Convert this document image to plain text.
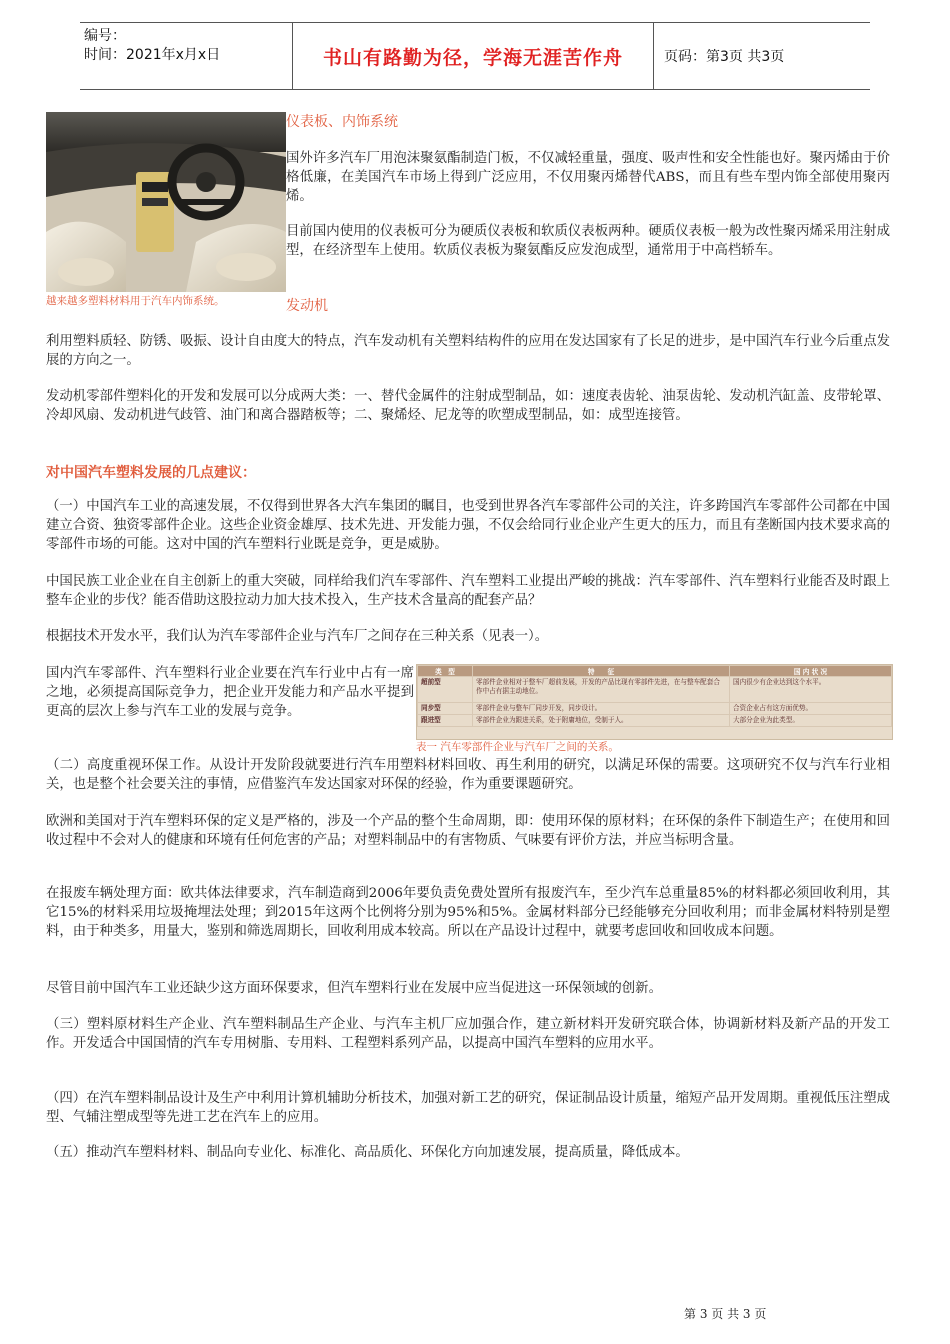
编号：
时间：2021年x月x日	书山有路勤为径，学海无涯苦作舟	页码：第3页 共3页
越来越多塑料材料用于汽车内饰系统。
仪表板、内饰系统

国外许多汽车厂用泡沫聚氨酯制造门板，不仅减轻重量，强度、吸声性和安全性能也好。聚丙烯由于价格低廉，在美国汽车市场上得到广泛应用，不仅用聚丙烯替代ABS，而且有些车型内饰全部使用聚丙烯。

目前国内使用的仪表板可分为硬质仪表板和软质仪表板两种。硬质仪表板一般为改性聚丙烯采用注射成型，在经济型车上使用。软质仪表板为聚氨酯反应发泡成型，通常用于中高档轿车。

发动机

利用塑料质轻、防锈、吸振、设计自由度大的特点，汽车发动机有关塑料结构件的应用在发达国家有了长足的进步，是中国汽车行业今后重点发展的方向之一。

发动机零部件塑料化的开发和发展可以分成两大类：一、替代金属件的注射成型制品，如：速度表齿轮、油泵齿轮、发动机汽缸盖、皮带轮罩、冷却风扇、发动机进气歧管、油门和离合器踏板等；二、聚烯烃、尼龙等的吹塑成型制品，如：成型连接管。

对中国汽车塑料发展的几点建议：

（一）中国汽车工业的高速发展，不仅得到世界各大汽车集团的瞩目，也受到世界各汽车零部件公司的关注，许多跨国汽车零部件公司都在中国建立合资、独资零部件企业。这些企业资金雄厚、技术先进、开发能力强，不仅会给同行业企业产生更大的压力，而且有垄断国内技术要求高的零部件市场的可能。这对中国的汽车塑料行业既是竞争，更是威胁。

中国民族工业企业在自主创新上的重大突破，同样给我们汽车零部件、汽车塑料工业提出严峻的挑战：汽车零部件、汽车塑料行业能否及时跟上整车企业的步伐？能否借助这股拉动力加大技术投入，生产技术含量高的配套产品？

根据技术开发水平，我们认为汽车零部件企业与汽车厂之间存在三种关系（见表一）。

国内汽车零部件、汽车塑料行业企业要在汽车行业中占有一席之地，必须提高国际竞争力，把企业开发能力和产品水平提到更高的层次上参与汽车工业的发展与竞争。

类　型	特　　征	国 内 状 况
超前型	零部件企业相对于整车厂超前发展，开发的产品比现有零部件先进，在与整车配套合作中占有据主动地位。	国内很少有企业达到这个水平。
同步型	零部件企业与整车厂同步开发，同步设计。	合资企业占有这方面优势。
跟进型	零部件企业为跟进关系，处于附庸地位，受制于人。	大部分企业为此类型。
表一 汽车零部件企业与汽车厂之间的关系。

（二）高度重视环保工作。从设计开发阶段就要进行汽车用塑料材料回收、再生利用的研究，以满足环保的需要。这项研究不仅与汽车行业相关，也是整个社会要关注的事情，应借鉴汽车发达国家对环保的经验，作为重要课题研究。

欧洲和美国对于汽车塑料环保的定义是严格的，涉及一个产品的整个生命周期，即：使用环保的原材料；在环保的条件下制造生产；在使用和回收过程中不会对人的健康和环境有任何危害的产品；对塑料制品中的有害物质、气味要有评价方法，并应当标明含量。

在报废车辆处理方面：欧共体法律要求，汽车制造商到2006年要负责免费处置所有报废汽车，至少汽车总重量85%的材料都必须回收利用，其它15%的材料采用垃圾掩埋法处理；到2015年这两个比例将分别为95%和5%。金属材料部分已经能够充分回收利用；而非金属材料特别是塑料，由于种类多，用量大，鉴别和筛选周期长，回收利用成本较高。所以在产品设计过程中，就要考虑回收和回收成本问题。

尽管目前中国汽车工业还缺少这方面环保要求，但汽车塑料行业在发展中应当促进这一环保领域的创新。

（三）塑料原材料生产企业、汽车塑料制品生产企业、与汽车主机厂应加强合作，建立新材料开发研究联合体，协调新材料及新产品的开发工作。开发适合中国国情的汽车专用树脂、专用料、工程塑料系列产品，以提高中国汽车塑料的应用水平。

（四）在汽车塑料制品设计及生产中利用计算机辅助分析技术，加强对新工艺的研究，保证制品设计质量，缩短产品开发周期。重视低压注塑成型、气辅注塑成型等先进工艺在汽车上的应用。

（五）推动汽车塑料材料、制品向专业化、标准化、高品质化、环保化方向加速发展，提高质量，降低成本。

第 3 页 共 3 页
